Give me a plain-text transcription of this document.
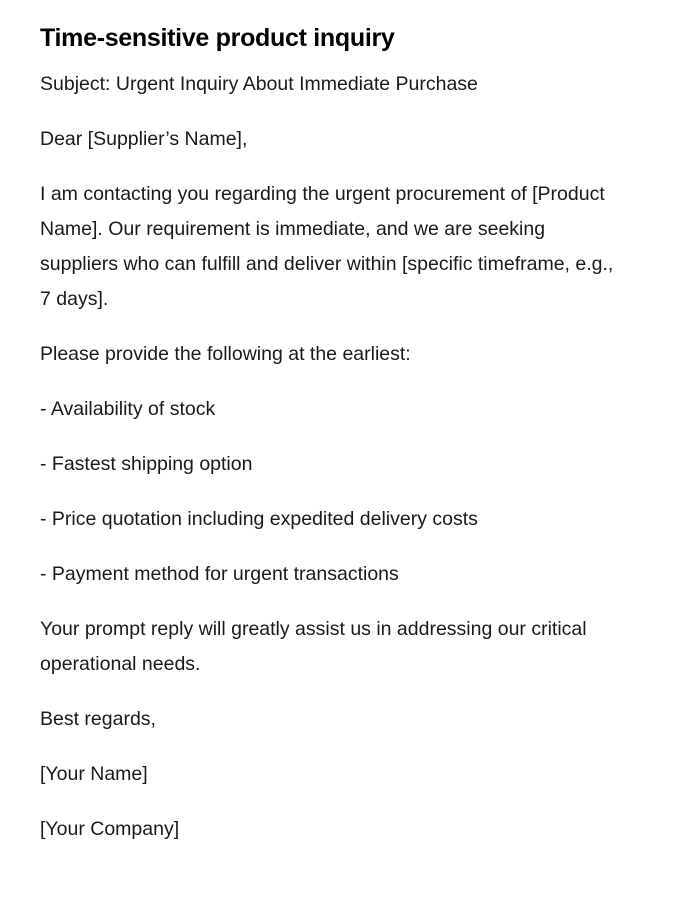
Time-sensitive product inquiry

Subject: Urgent Inquiry About Immediate Purchase

Dear [Supplier’s Name],

I am contacting you regarding the urgent procurement of [Product Name]. Our requirement is immediate, and we are seeking suppliers who can fulfill and deliver within [specific timeframe, e.g., 7 days].

Please provide the following at the earliest:

- Availability of stock

- Fastest shipping option

- Price quotation including expedited delivery costs

- Payment method for urgent transactions

Your prompt reply will greatly assist us in addressing our critical operational needs.

Best regards,

[Your Name]

[Your Company]
